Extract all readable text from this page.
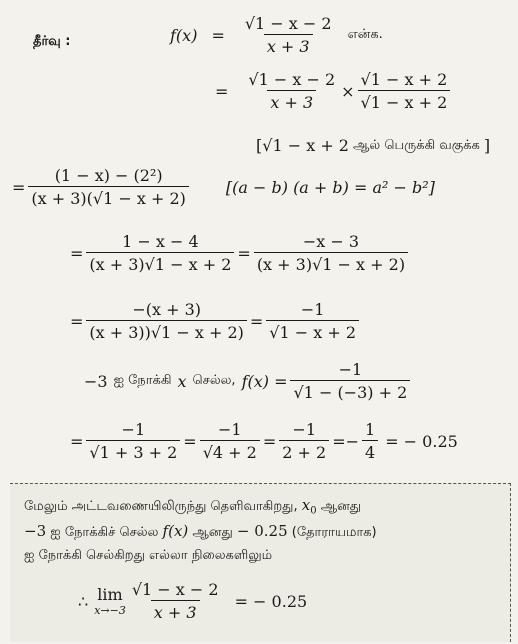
தீர்வு :	$f(x) = \frac{√1 - x - 2}{x + 3}$ என்க.
= $\frac{√1 - x - 2}{x + 3} \times \frac{√1 - x + 2}{√1 - x + 2}$
[ √1 − x + 2 ஆல் பெருக்கி வகுக்க ]
= $\frac{\text{(1 − x) − (2²)}}{(x + 3)(√1 - x + 2)} [(a - b) (a + b) = a^2 - b^2]$
= $\frac{1 - x - 4}{(x + 3)√1 - x + 2} = \frac{-x - 3}{(x + 3)√1 - x + 2)}$
= $\frac{-(x + 3)}{(x + 3))√1 - x + 2)} = \frac{-1}{√1 - x + 2}$
−3 ஐ நோக்கி x செல்ல, $f(x) = \frac{-1}{√1 - (-3) + 2}$
= $\frac{-1}{√1 + 3 + 2} = \frac{-1}{√4 + 2} = \frac{-1}{2 + 2}$ = − $\frac{1}{4}$ = − 0.25
மேலும் அட்டவணையிலிருந்து தெளிவாகிறது, $x_0$ ஆனது
−3 ஐ நோக்கிச் செல்ல f(x) ஆனது − 0.25 (தோராயமாக)
ஐ நோக்கி செல்கிறது எல்லா நிலைகளிலும்
∴ lim
$x\to-3 \frac{√1 - x - 2}{x + 3}$ = − 0.25
